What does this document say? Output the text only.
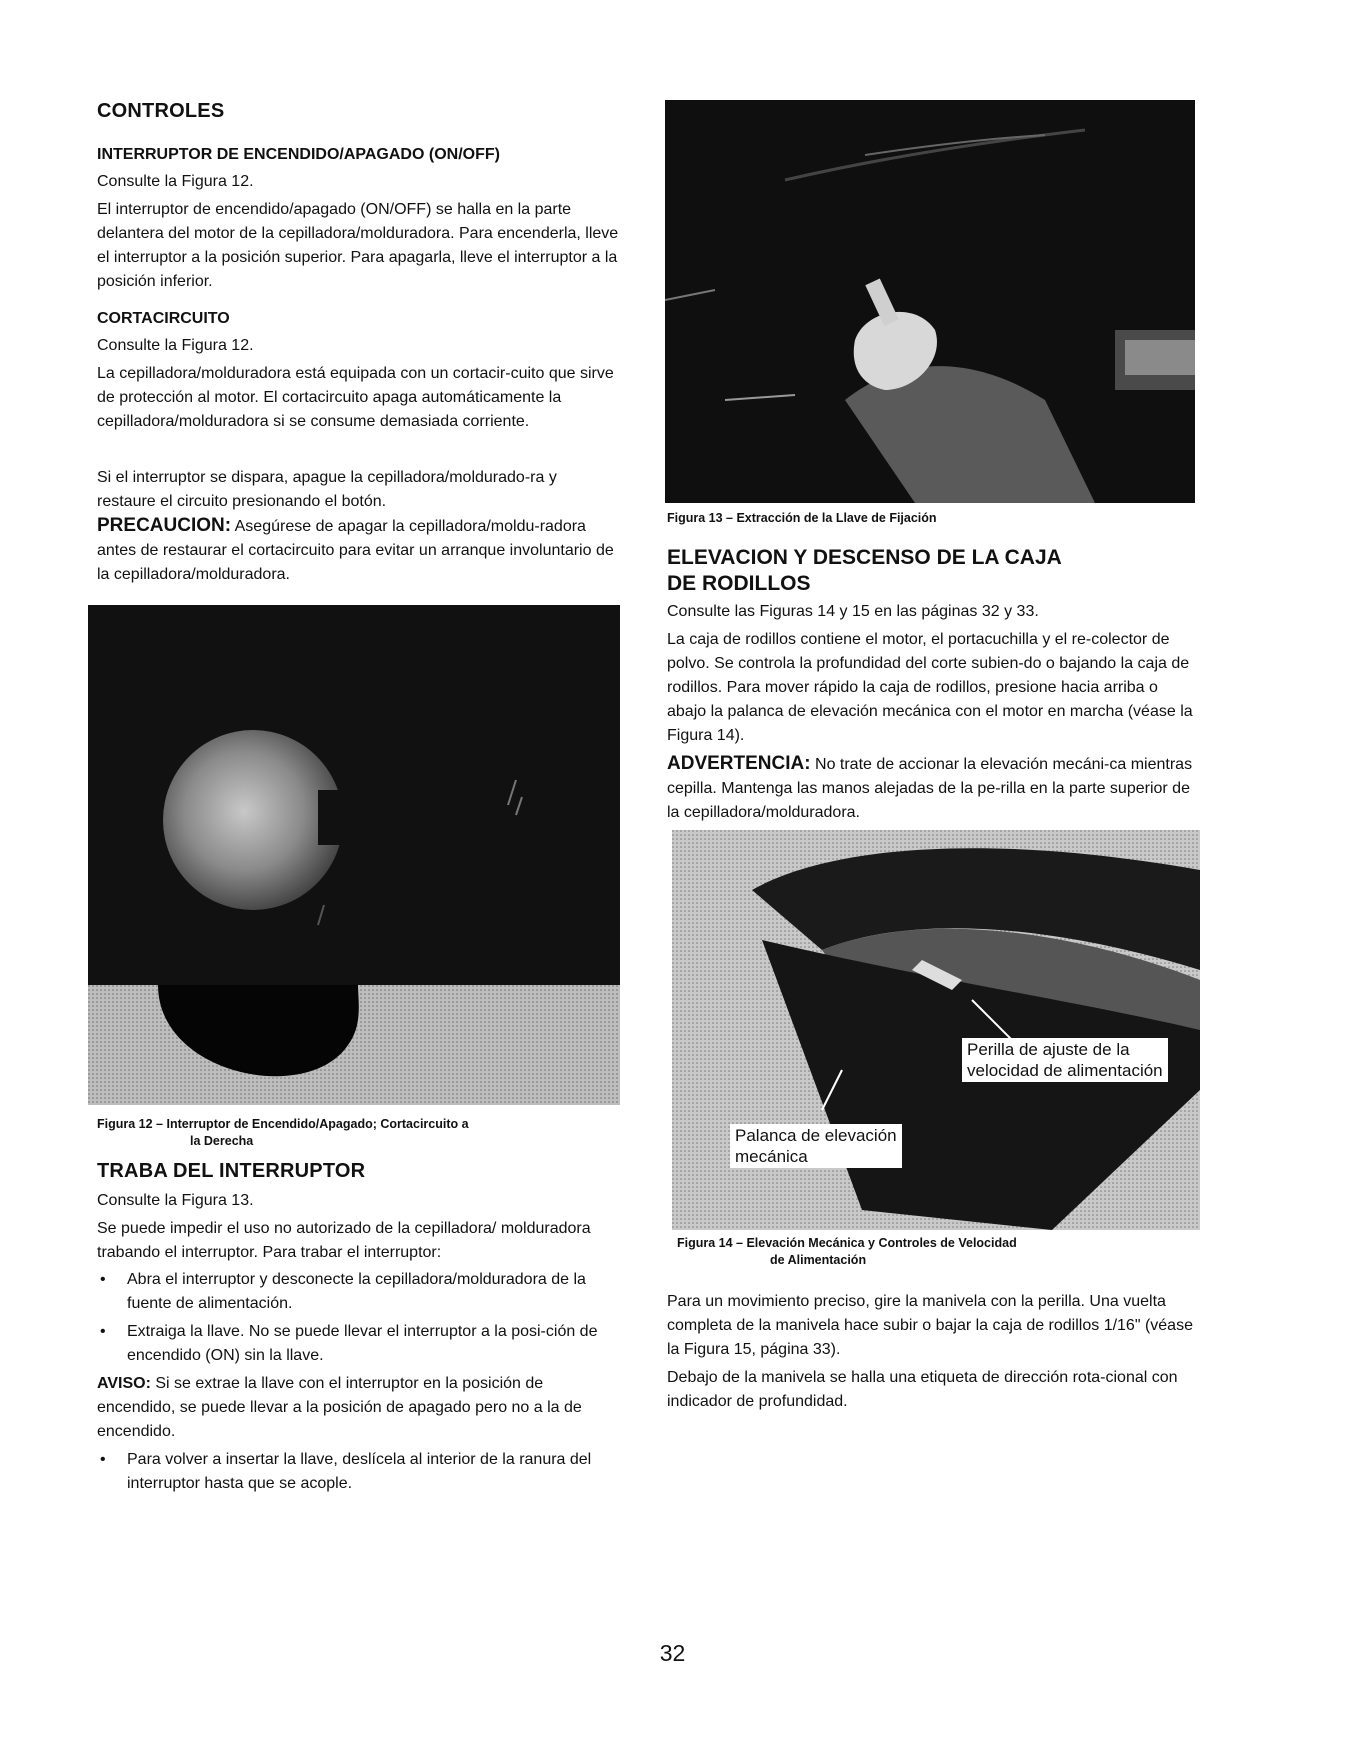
CONTROLES
INTERRUPTOR DE ENCENDIDO/APAGADO (ON/OFF)

Consulte la Figura 12.

El interruptor de encendido/apagado (ON/OFF) se halla en la parte delantera del motor de la cepilladora/molduradora. Para encenderla, lleve el interruptor a la posición superior. Para apagarla, lleve el interruptor a la posición inferior.

CORTACIRCUITO

Consulte la Figura 12.

La cepilladora/molduradora está equipada con un cortacir-cuito que sirve de protección al motor. El cortacircuito apaga automáticamente la cepilladora/molduradora si se consume demasiada corriente.

Si el interruptor se dispara, apague la cepilladora/moldurado-ra y restaure el circuito presionando el botón.

PRECAUCION: Asegúrese de apagar la cepilladora/moldu-radora antes de restaurar el cortacircuito para evitar un arranque involuntario de la cepilladora/molduradora.

Figura 12 – Interruptor de Encendido/Apagado; Cortacircuito a

la Derecha

TRABA DEL INTERRUPTOR

Consulte la Figura 13.

Se puede impedir el uso no autorizado de la cepilladora/ molduradora trabando el interruptor. Para trabar el interruptor:

• Abra el interruptor y desconecte la cepilladora/molduradora de la fuente de alimentación.

• Extraiga la llave. No se puede llevar el interruptor a la posi-ción de encendido (ON) sin la llave.

AVISO: Si se extrae la llave con el interruptor en la posición de encendido, se puede llevar a la posición de apagado pero no a la de encendido.

• Para volver a insertar la llave, deslícela al interior de la ranura del interruptor hasta que se acople.

Figura 13 – Extracción de la Llave de Fijación

ELEVACION Y DESCENSO DE LA CAJA
DE RODILLOS

Consulte las Figuras 14 y 15 en las páginas 32 y 33.

La caja de rodillos contiene el motor, el portacuchilla y el re-colector de polvo. Se controla la profundidad del corte subien-do o bajando la caja de rodillos. Para mover rápido la caja de rodillos, presione hacia arriba o abajo la palanca de elevación mecánica con el motor en marcha (véase la Figura 14).

ADVERTENCIA: No trate de accionar la elevación mecáni-ca mientras cepilla. Mantenga las manos alejadas de la pe-rilla en la parte superior de la cepilladora/molduradora.

Perilla de ajuste de la
velocidad de alimentación
Palanca de elevación
mecánica

Figura 14 – Elevación Mecánica y Controles de Velocidad

de Alimentación

Para un movimiento preciso, gire la manivela con la perilla. Una vuelta completa de la manivela hace subir o bajar la caja de rodillos 1/16" (véase la Figura 15, página 33).

Debajo de la manivela se halla una etiqueta de dirección rota-cional con indicador de profundidad.

32
